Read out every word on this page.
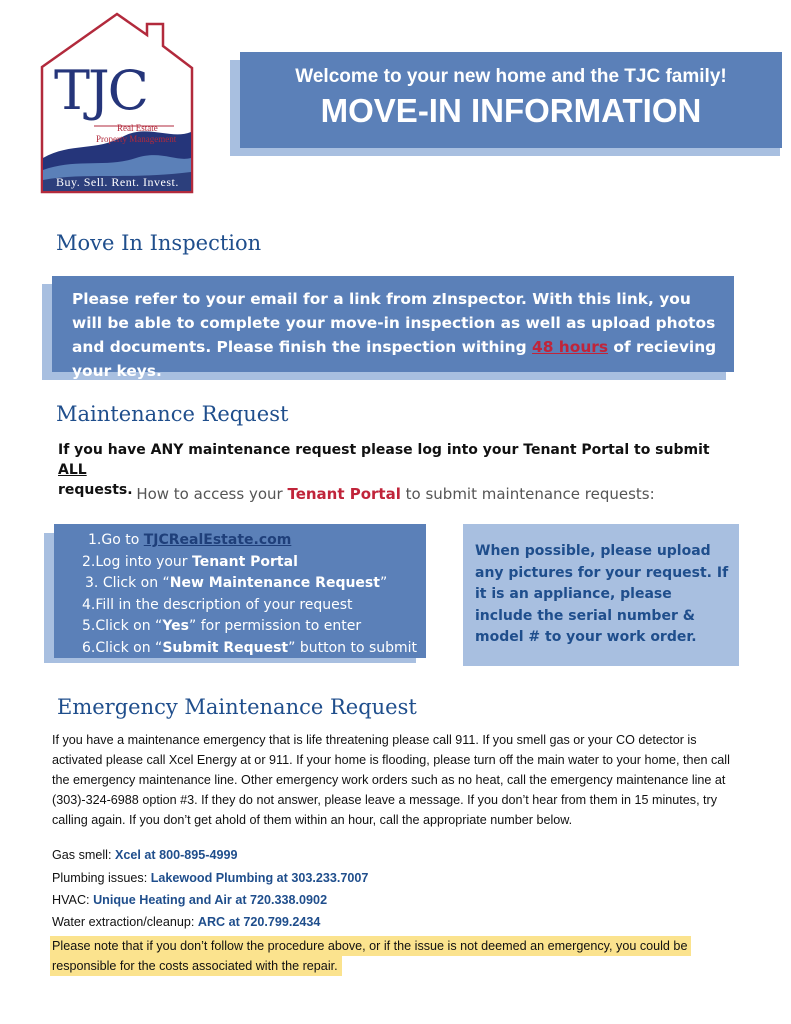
TJC
Real Estate
Property Management
Buy. Sell. Rent. Invest.
Welcome to your new home and the TJC family!
MOVE-IN INFORMATION
Move In Inspection
Please refer to your email for a link from zInspector. With this link, you will be able to complete your move-in inspection as well as upload photos and documents. Please finish the inspection withing 48 hours of recieving your keys.
Maintenance Request
If you have ANY maintenance request please log into your Tenant Portal to submit ALL
requests. How to access your Tenant Portal to submit maintenance requests:
1.Go to TJCRealEstate.com
2.Log into your Tenant Portal
3. Click on “New Maintenance Request”
4.Fill in the description of your request
5.Click on “Yes” for permission to enter
6.Click on “Submit Request” button to submit
When possible, please upload any pictures for your request. If it is an appliance, please include the serial number & model # to your work order.
Emergency Maintenance Request
If you have a maintenance emergency that is life threatening please call 911. If you smell gas or your CO detector is activated please call Xcel Energy at or 911. If your home is flooding, please turn off the main water to your home, then call the emergency maintenance line. Other emergency work orders such as no heat, call the emergency maintenance line at (303)-324-6988 option #3. If they do not answer, please leave a message. If you don’t hear from them in 15 minutes, try calling again. If you don’t get ahold of them within an hour, call the appropriate number below.
Gas smell: Xcel at 800-895-4999
Plumbing issues: Lakewood Plumbing at 303.233.7007
HVAC: Unique Heating and Air at 720.338.0902
Water extraction/cleanup: ARC at 720.799.2434
Please note that if you don’t follow the procedure above, or if the issue is not deemed an emergency, you could be
responsible for the costs associated with the repair.
